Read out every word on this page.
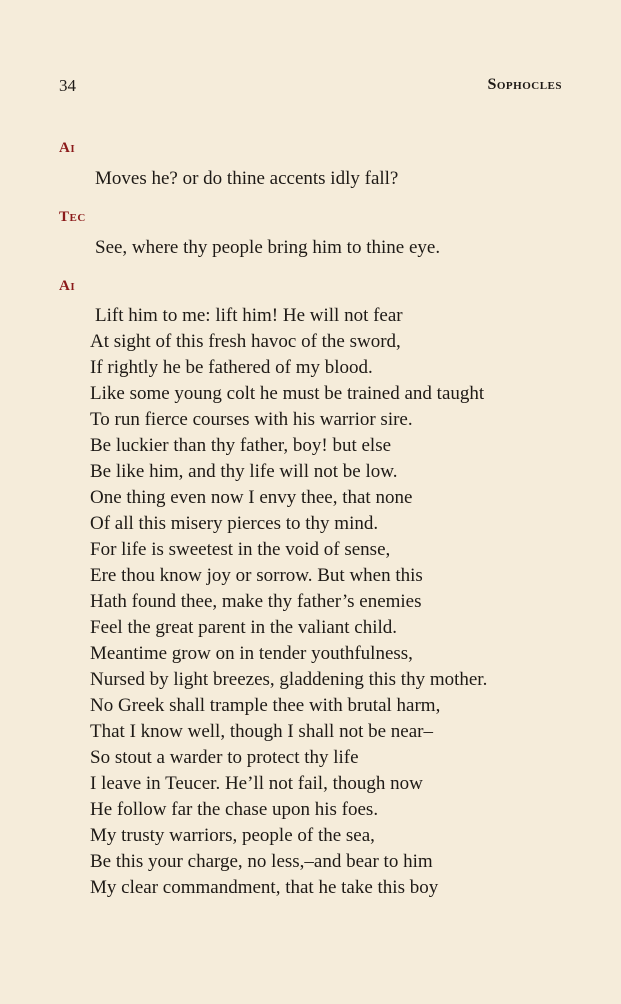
34	Sophocles
Ai
Moves he? or do thine accents idly fall?
Tec
See, where thy people bring him to thine eye.
Ai
Lift him to me: lift him! He will not fear
At sight of this fresh havoc of the sword,
If rightly he be fathered of my blood.
Like some young colt he must be trained and taught
To run fierce courses with his warrior sire.
Be luckier than thy father, boy! but else
Be like him, and thy life will not be low.
One thing even now I envy thee, that none
Of all this misery pierces to thy mind.
For life is sweetest in the void of sense,
Ere thou know joy or sorrow. But when this
Hath found thee, make thy father’s enemies
Feel the great parent in the valiant child.
Meantime grow on in tender youthfulness,
Nursed by light breezes, gladdening this thy mother.
No Greek shall trample thee with brutal harm,
That I know well, though I shall not be near–
So stout a warder to protect thy life
I leave in Teucer. He’ll not fail, though now
He follow far the chase upon his foes.
My trusty warriors, people of the sea,
Be this your charge, no less,–and bear to him
My clear commandment, that he take this boy
